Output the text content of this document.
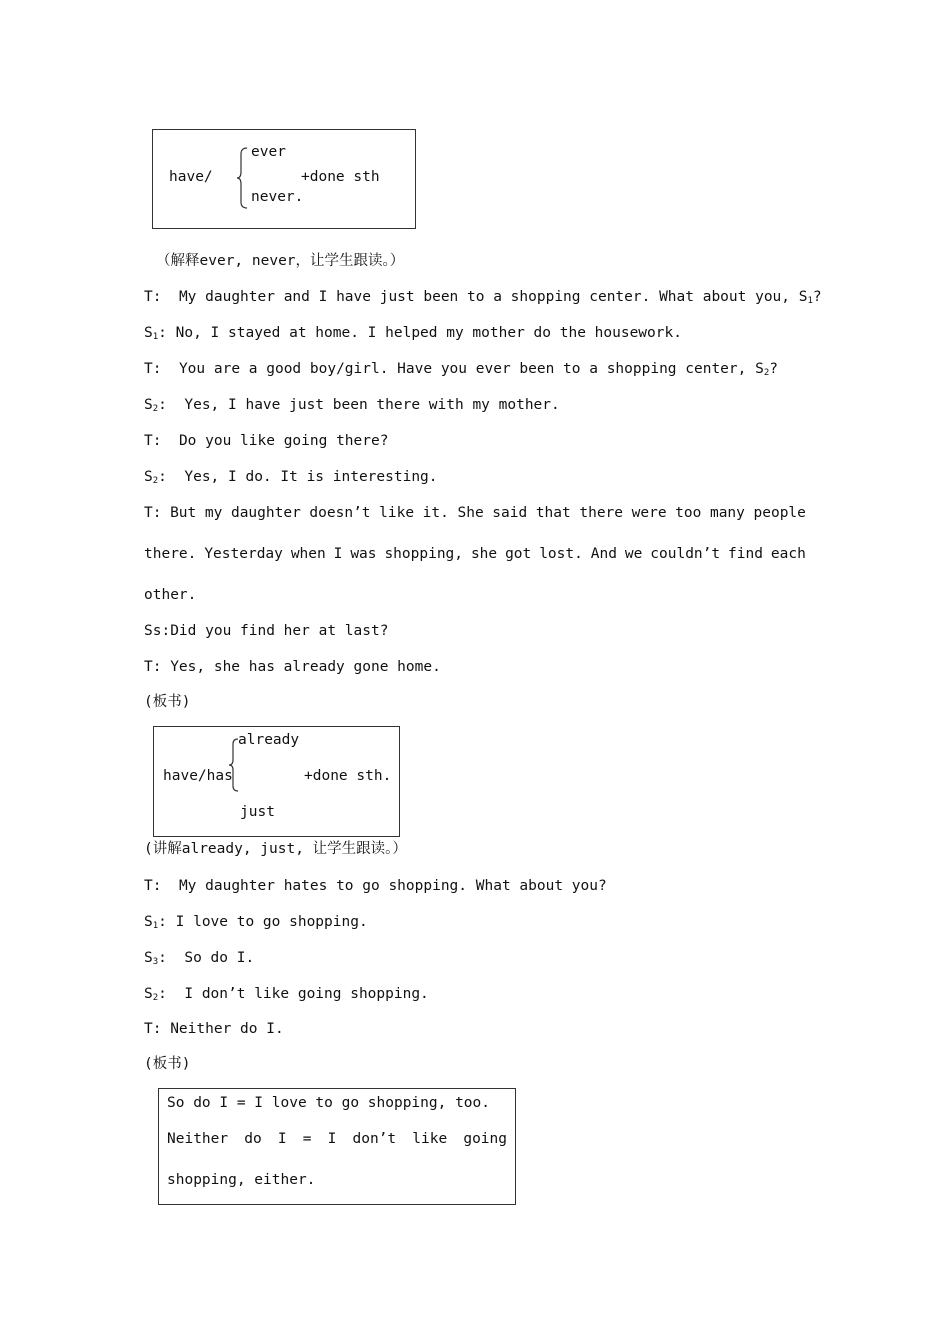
have/
ever
+done sth
never.
（解释ever, never，让学生跟读。）
T: My daughter and I have just been to a shopping center. What about you, $S_1$?
$S_1$: No, I stayed at home. I helped my mother do the housework.
T: You are a good boy/girl. Have you ever been to a shopping center, $S_2$?
$S_2$: Yes, I have just been there with my mother.
T: Do you like going there?
$S_2$: Yes, I do. It is interesting.
T: But my daughter doesn’t like it. She said that there were too many people
there. Yesterday when I was shopping, she got lost. And we couldn’t find each
other.
Ss:Did you find her at last?
T: Yes, she has already gone home.
(板书)
have/has
already
+done sth.
just
(讲解already, just, 让学生跟读。）
T: My daughter hates to go shopping. What about you?
$S_1$: I love to go shopping.
$S_3$: So do I.
$S_2$: I don’t like going shopping.
T: Neither do I.
(板书)
So do I = I love to go shopping, too.
Neither do I = I don’t like going
shopping, either.
